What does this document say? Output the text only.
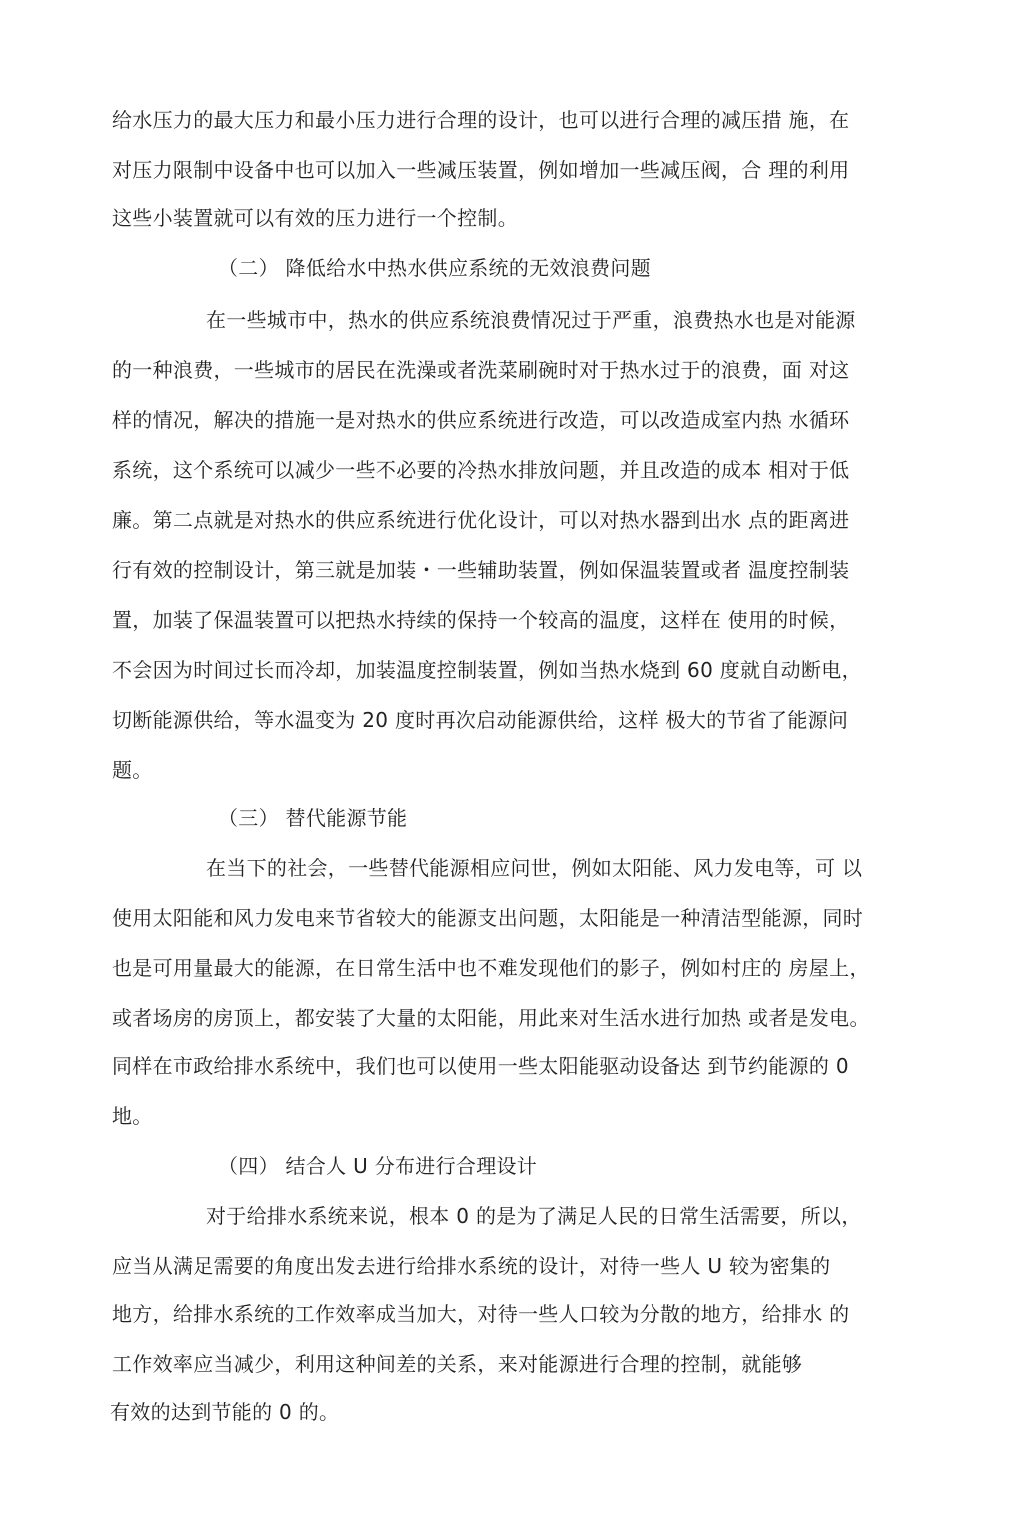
给水压力的最大压力和最小压力进行合理的设计，也可以进行合理的减压措 施，在
对压力限制中设备中也可以加入一些减压装置，例如增加一些减压阀，合 理的利用
这些小装置就可以有效的压力进行一个控制。
（二） 降低给水中热水供应系统的无效浪费问题
在一些城市中，热水的供应系统浪费情况过于严重，浪费热水也是对能源
的一种浪费，一些城市的居民在洗澡或者洗菜刷碗时对于热水过于的浪费，面 对这
样的情况，解决的措施一是对热水的供应系统进行改造，可以改造成室内热 水循环
系统，这个系统可以减少一些不必要的冷热水排放问题，并且改造的成本 相对于低
廉。第二点就是对热水的供应系统进行优化设计，可以对热水器到出水 点的距离进
行有效的控制设计，第三就是加装・一些辅助装置，例如保温装置或者 温度控制装
置，加装了保温装置可以把热水持续的保持一个较高的温度，这样在 使用的时候，
不会因为时间过长而冷却，加装温度控制装置，例如当热水烧到 60 度就自动断电，
切断能源供给，等水温变为 20 度时再次启动能源供给，这样 极大的节省了能源问
题。
（三） 替代能源节能
在当下的社会，一些替代能源相应问世，例如太阳能、风力发电等，可 以
使用太阳能和风力发电来节省较大的能源支出问题，太阳能是一种清洁型能源，同时
也是可用量最大的能源，在日常生活中也不难发现他们的影子，例如村庄的 房屋上，
或者场房的房顶上，都安装了大量的太阳能，用此来对生活水进行加热 或者是发电。
同样在市政给排水系统中，我们也可以使用一些太阳能驱动设备达 到节约能源的 0
地。
（四） 结合人 U 分布进行合理设计
对于给排水系统来说，根本 0 的是为了满足人民的日常生活需要，所以，
应当从满足需要的角度出发去进行给排水系统的设计，对待一些人 U 较为密集的
地方，给排水系统的工作效率成当加大，对待一些人口较为分散的地方，给排水 的
工作效率应当减少，利用这种间差的关系，来对能源进行合理的控制，就能够
有效的达到节能的 0 的。
